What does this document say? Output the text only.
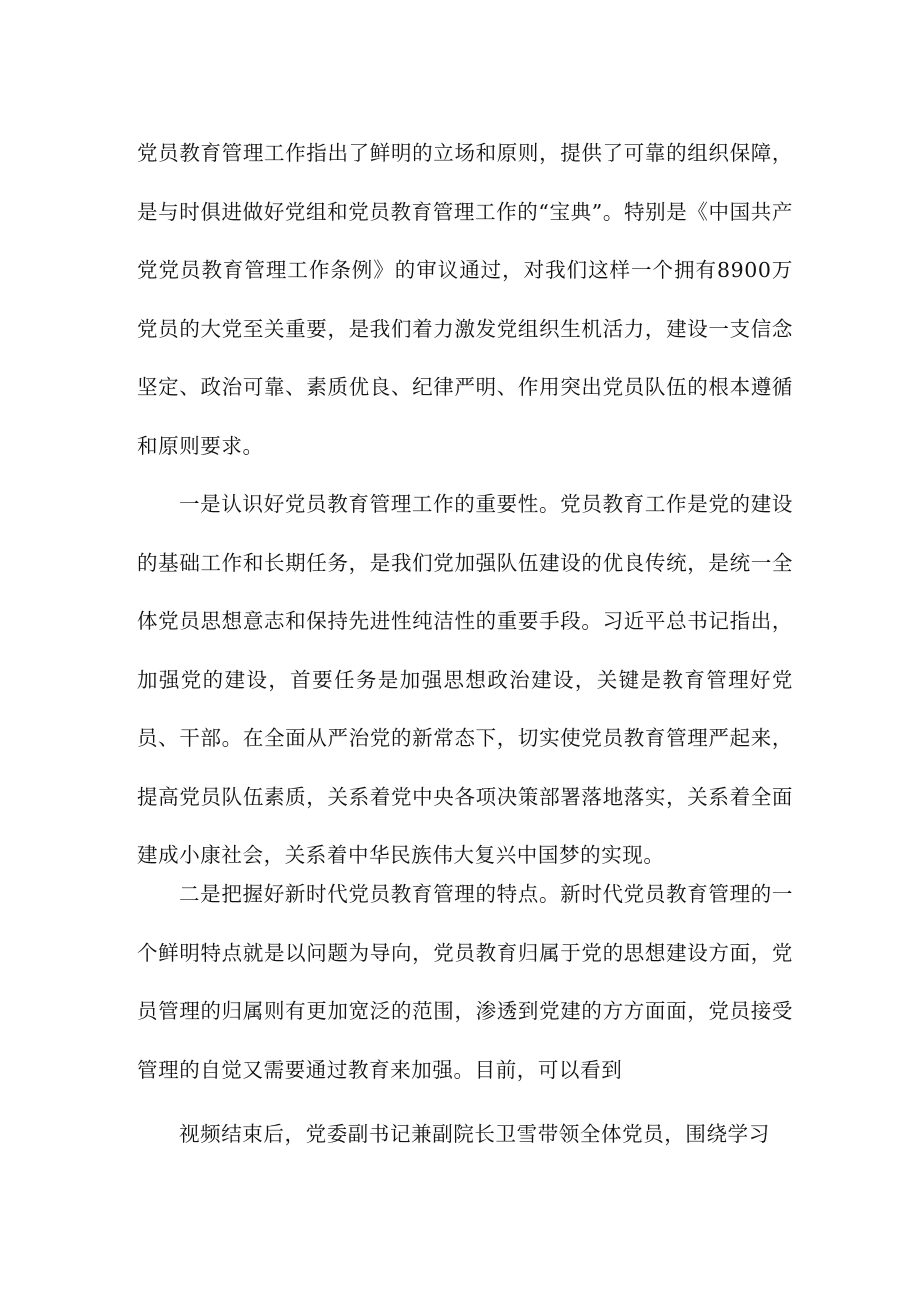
党员教育管理工作指出了鲜明的立场和原则，提供了可靠的组织保障，是与时俱进做好党组和党员教育管理工作的“宝典”。特别是《中国共产党党员教育管理工作条例》的审议通过，对我们这样一个拥有8900万党员的大党至关重要，是我们着力激发党组织生机活力，建设一支信念坚定、政治可靠、素质优良、纪律严明、作用突出党员队伍的根本遵循和原则要求。

一是认识好党员教育管理工作的重要性。党员教育工作是党的建设的基础工作和长期任务，是我们党加强队伍建设的优良传统，是统一全体党员思想意志和保持先进性纯洁性的重要手段。习近平总书记指出，加强党的建设，首要任务是加强思想政治建设，关键是教育管理好党员、干部。在全面从严治党的新常态下，切实使党员教育管理严起来，提高党员队伍素质，关系着党中央各项决策部署落地落实，关系着全面建成小康社会，关系着中华民族伟大复兴中国梦的实现。

二是把握好新时代党员教育管理的特点。新时代党员教育管理的一个鲜明特点就是以问题为导向，党员教育归属于党的思想建设方面，党员管理的归属则有更加宽泛的范围，渗透到党建的方方面面，党员接受管理的自觉又需要通过教育来加强。目前，可以看到

视频结束后，党委副书记兼副院长卫雪带领全体党员，围绕学习
